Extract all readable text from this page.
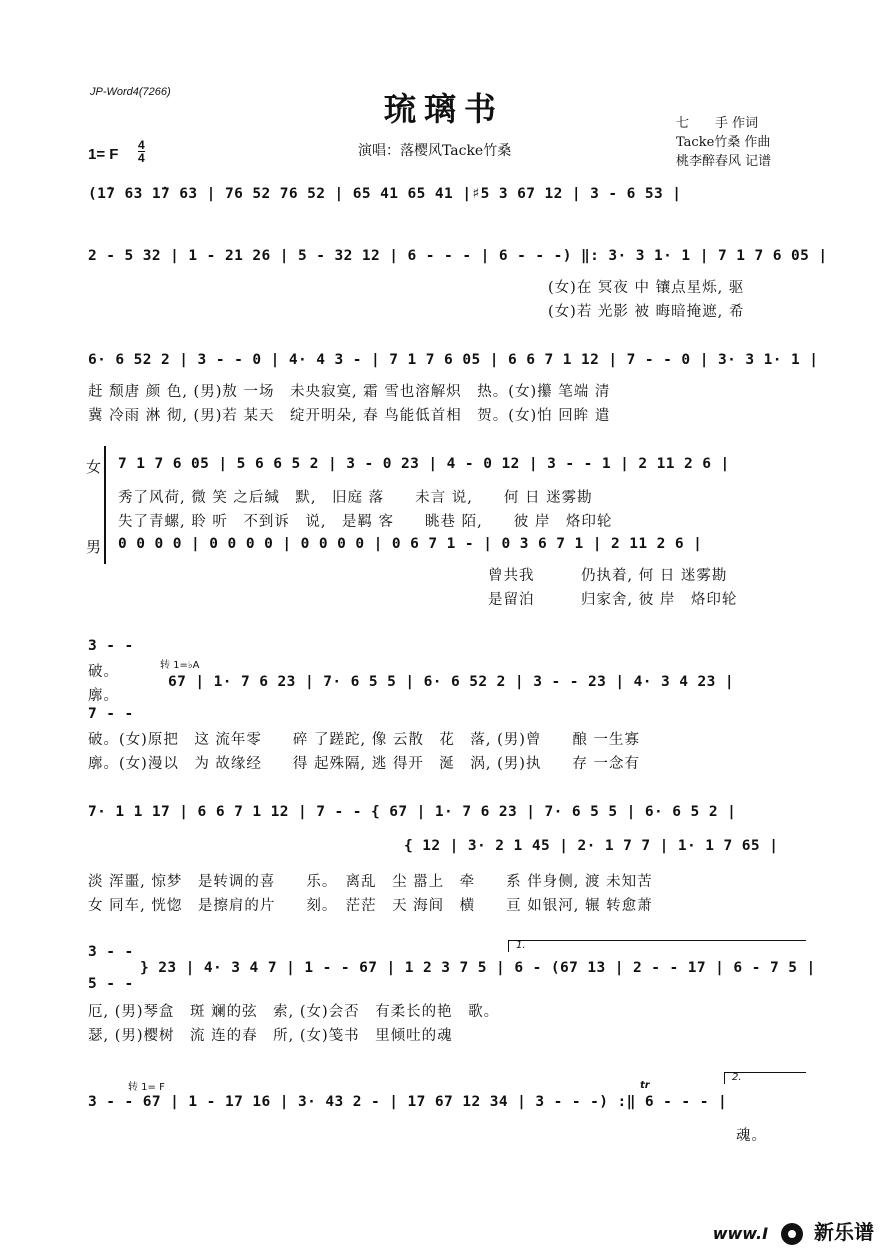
JP-Word4(7266)	琉璃书
演唱：落樱风Tacke竹桑
七　　手 作词
Tacke竹桑 作曲
桃李醉春风 记谱
1= F
4
4
(1̇7 63 1̇7 63 | 76 52 76 52 | 65 41 65 41 |♯5 3 67 12 | 3 - 6 53 |
2 - 5 32 | 1 - 21 26 | 5 - 32 12 | 6 - - - | 6 - - -) ‖: 3· 3 1· 1 | 7 1 7 6 05 |
(女)在 冥夜 中 镶点星烁, 驱
(女)若 光影 被 晦暗掩遮, 希
6· 6 52 2 | 3 - - 0 | 4· 4 3 - | 7 1 7 6 05 | 6 6 7 1 12 | 7 - - 0 | 3· 3 1· 1 |
赶 颓唐 颜 色, (男)敖 一场　未央寂寞, 霜 雪也溶解炽　热。(女)攥 笔端 清
冀 冷雨 淋 彻, (男)若 某天　绽开明朵, 春 鸟能低首相　贺。(女)怕 回眸 遣
女 7 1 7 6 05 | 5 6 6 5 2 | 3 - 0 23 | 4 - 0 12 | 3 - - 1 | 2 11 2 6 |
秀了风荷, 微 笑 之后缄　默,　旧庭 落　　未言 说,　　何 日 迷雾勘
失了青螺, 聆 听　不到诉　说,　是羁 客　　眺巷 陌,　　彼 岸　烙印轮
男 0 0 0 0 | 0 0 0 0 | 0 0 0 0 | 0 6 7 1 - | 0 3 6 7 1 | 2 11 2 6 |
曾共我　　　仍执着, 何 日 迷雾勘
是留泊　　　归家舍, 彼 岸　烙印轮
3 - -
破。
廓。
7 - -
转 1=♭A
67 | 1· 7 6 23 | 7· 6 5 5 | 6· 6 52 2 | 3 - - 23 | 4· 3 4 23 |
破。(女)原把　这 流年零　　碎 了蹉跎, 像 云散　花　落, (男)曾　　酿 一生寡
廓。(女)漫以　为 故缘经　　得 起殊隔, 逃 得开　涎　涡, (男)执　　存 一念有
7· 1 1 17 | 6 6 7 1 12 | 7 - - { 67 | 1· 7 6 23 | 7· 6 5 5 | 6· 6 5 2 |
{ 12 | 3· 2 1 45 | 2· 1 7 7 | 1· 1 7 65 |
淡 浑噩, 惊梦　是转调的喜　　乐。　离乱　尘 嚣上　牵　　系 伴身侧, 渡 未知苦
女 同车, 恍惚　是擦肩的片　　刻。　茫茫　天 海间　横　　亘 如银河, 辗 转愈萧
1.
3 - -
5 - -
} 23 | 4· 3 4 7 | 1 - - 67 | 1 2 3 7 5 | 6 - (67 13 | 2 - - 17 | 6 - 7 5 |
厄, (男)琴盒　斑 斓的弦　索, (女)会否　有柔长的艳　歌。
瑟, (男)樱树　流 连的春　所, (女)笺书　里倾吐的魂
转 1= F	tr
2.
3 - - 67 | 1 - 17 16 | 3· 43 2 - | 17 67 12 34 | 3 - - -) :‖ 6 - - - |
魂。
www.I 新乐谱
